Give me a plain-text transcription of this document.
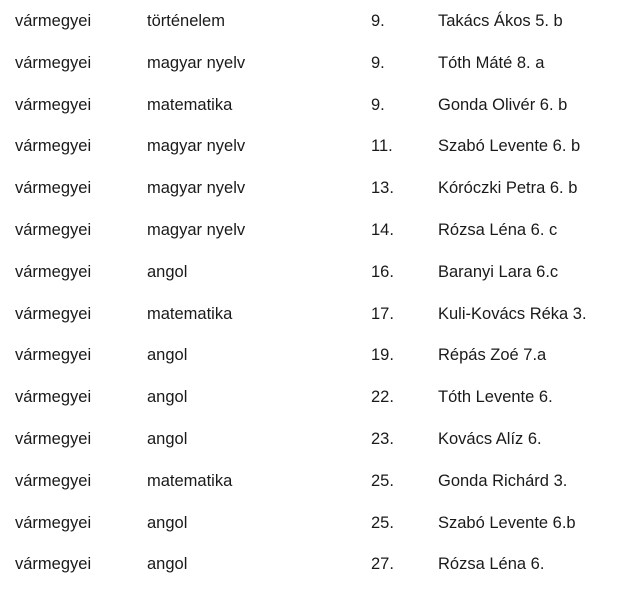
vármegyei	történelem	9.	Takács Ákos 5. b
vármegyei	magyar nyelv	9.	Tóth Máté 8. a
vármegyei	matematika	9.	Gonda Olivér 6. b
vármegyei	magyar nyelv	11.	Szabó Levente 6. b
vármegyei	magyar nyelv	13.	Kóróczki Petra 6. b
vármegyei	magyar nyelv	14.	Rózsa Léna 6. c
vármegyei	angol	16.	Baranyi Lara 6.c
vármegyei	matematika	17.	Kuli-Kovács Réka 3.
vármegyei	angol	19.	Répás Zoé 7.a
vármegyei	angol	22.	Tóth Levente 6.
vármegyei	angol	23.	Kovács Alíz 6.
vármegyei	matematika	25.	Gonda Richárd 3.
vármegyei	angol	25.	Szabó Levente 6.b
vármegyei	angol	27.	Rózsa Léna 6.
